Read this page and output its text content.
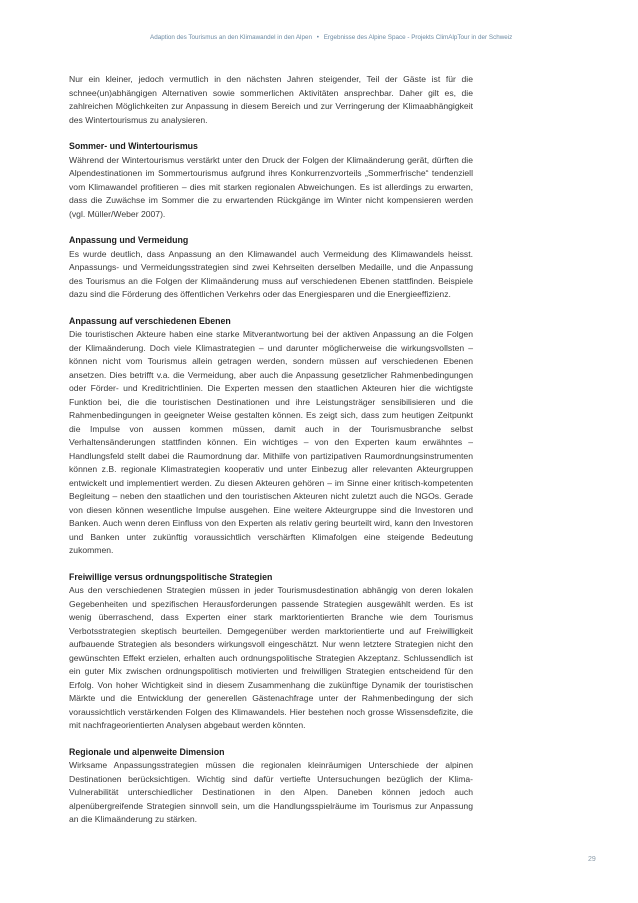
Adaption des Tourismus an den Klimawandel in den Alpen • Ergebnisse des Alpine Space - Projekts ClimAlpTour in der Schweiz

Nur ein kleiner, jedoch vermutlich in den nächsten Jahren steigender, Teil der Gäste ist für die schnee(un)abhängigen Alternativen sowie sommerlichen Aktivitäten ansprechbar. Daher gilt es, die zahlreichen Möglichkeiten zur Anpassung in diesem Bereich und zur Verringerung der Klimaabhängigkeit des Wintertourismus zu analysieren.

Sommer- und Wintertourismus

Während der Wintertourismus verstärkt unter den Druck der Folgen der Klimaänderung gerät, dürften die Alpendestinationen im Sommertourismus aufgrund ihres Konkurrenzvorteils „Sommerfrische“ tendenziell vom Klimawandel profitieren – dies mit starken regionalen Abweichungen. Es ist allerdings zu erwarten, dass die Zuwächse im Sommer die zu erwartenden Rückgänge im Winter nicht kompensieren werden (vgl. Müller/Weber 2007).

Anpassung und Vermeidung

Es wurde deutlich, dass Anpassung an den Klimawandel auch Vermeidung des Klimawandels heisst. Anpassungs- und Vermeidungsstrategien sind zwei Kehrseiten derselben Medaille, und die Anpassung des Tourismus an die Folgen der Klimaänderung muss auf verschiedenen Ebenen stattfinden. Beispiele dazu sind die Förderung des öffentlichen Verkehrs oder das Energiesparen und die Energieeffizienz.

Anpassung auf verschiedenen Ebenen

Die touristischen Akteure haben eine starke Mitverantwortung bei der aktiven Anpassung an die Folgen der Klimaänderung. Doch viele Klimastrategien – und darunter möglicherweise die wirkungsvollsten – können nicht vom Tourismus allein getragen werden, sondern müssen auf verschiedenen Ebenen ansetzen. Dies betrifft v.a. die Vermeidung, aber auch die Anpassung gesetzlicher Rahmenbedingungen oder Förder- und Kreditrichtlinien. Die Experten messen den staatlichen Akteuren hier die wichtigste Funktion bei, die die touristischen Destinationen und ihre Leistungsträger sensibilisieren und die Rahmenbedingungen in geeigneter Weise gestalten können. Es zeigt sich, dass zum heutigen Zeitpunkt die Impulse von aussen kommen müssen, damit auch in der Tourismusbranche selbst Verhaltensänderungen stattfinden können. Ein wichtiges – von den Experten kaum erwähntes – Handlungsfeld stellt dabei die Raumordnung dar. Mithilfe von partizipativen Raumordnungsinstrumenten können z.B. regionale Klimastrategien kooperativ und unter Einbezug aller relevanten Akteurgruppen entwickelt und implementiert werden. Zu diesen Akteuren gehören – im Sinne einer kritisch-kompetenten Begleitung – neben den staatlichen und den touristischen Akteuren nicht zuletzt auch die NGOs. Gerade von diesen können wesentliche Impulse ausgehen. Eine weitere Akteurgruppe sind die Investoren und Banken. Auch wenn deren Einfluss von den Experten als relativ gering beurteilt wird, kann den Investoren und Banken unter zukünftig voraussichtlich verschärften Klimafolgen eine steigende Bedeutung zukommen.

Freiwillige versus ordnungspolitische Strategien

Aus den verschiedenen Strategien müssen in jeder Tourismusdestination abhängig von deren lokalen Gegebenheiten und spezifischen Herausforderungen passende Strategien ausgewählt werden. Es ist wenig überraschend, dass Experten einer stark marktorientierten Branche wie dem Tourismus Verbotsstrategien skeptisch beurteilen. Demgegenüber werden marktorientierte und auf Freiwilligkeit aufbauende Strategien als besonders wirkungsvoll eingeschätzt. Nur wenn letztere Strategien nicht den gewünschten Effekt erzielen, erhalten auch ordnungspolitische Strategien Akzeptanz. Schlussendlich ist ein guter Mix zwischen ordnungspolitisch motivierten und freiwilligen Strategien entscheidend für den Erfolg. Von hoher Wichtigkeit sind in diesem Zusammenhang die zukünftige Dynamik der touristischen Märkte und die Entwicklung der generellen Gästenachfrage unter der Rahmenbedingung der sich voraussichtlich verstärkenden Folgen des Klimawandels. Hier bestehen noch grosse Wissensdefizite, die mit nachfrageorientierten Analysen abgebaut werden könnten.

Regionale und alpenweite Dimension

Wirksame Anpassungsstrategien müssen die regionalen kleinräumigen Unterschiede der alpinen Destinationen berücksichtigen. Wichtig sind dafür vertiefte Untersuchungen bezüglich der Klima-Vulnerabilität unterschiedlicher Destinationen in den Alpen. Daneben können jedoch auch alpenübergreifende Strategien sinnvoll sein, um die Handlungsspielräume im Tourismus zur Anpassung an die Klimaänderung zu stärken.

29
